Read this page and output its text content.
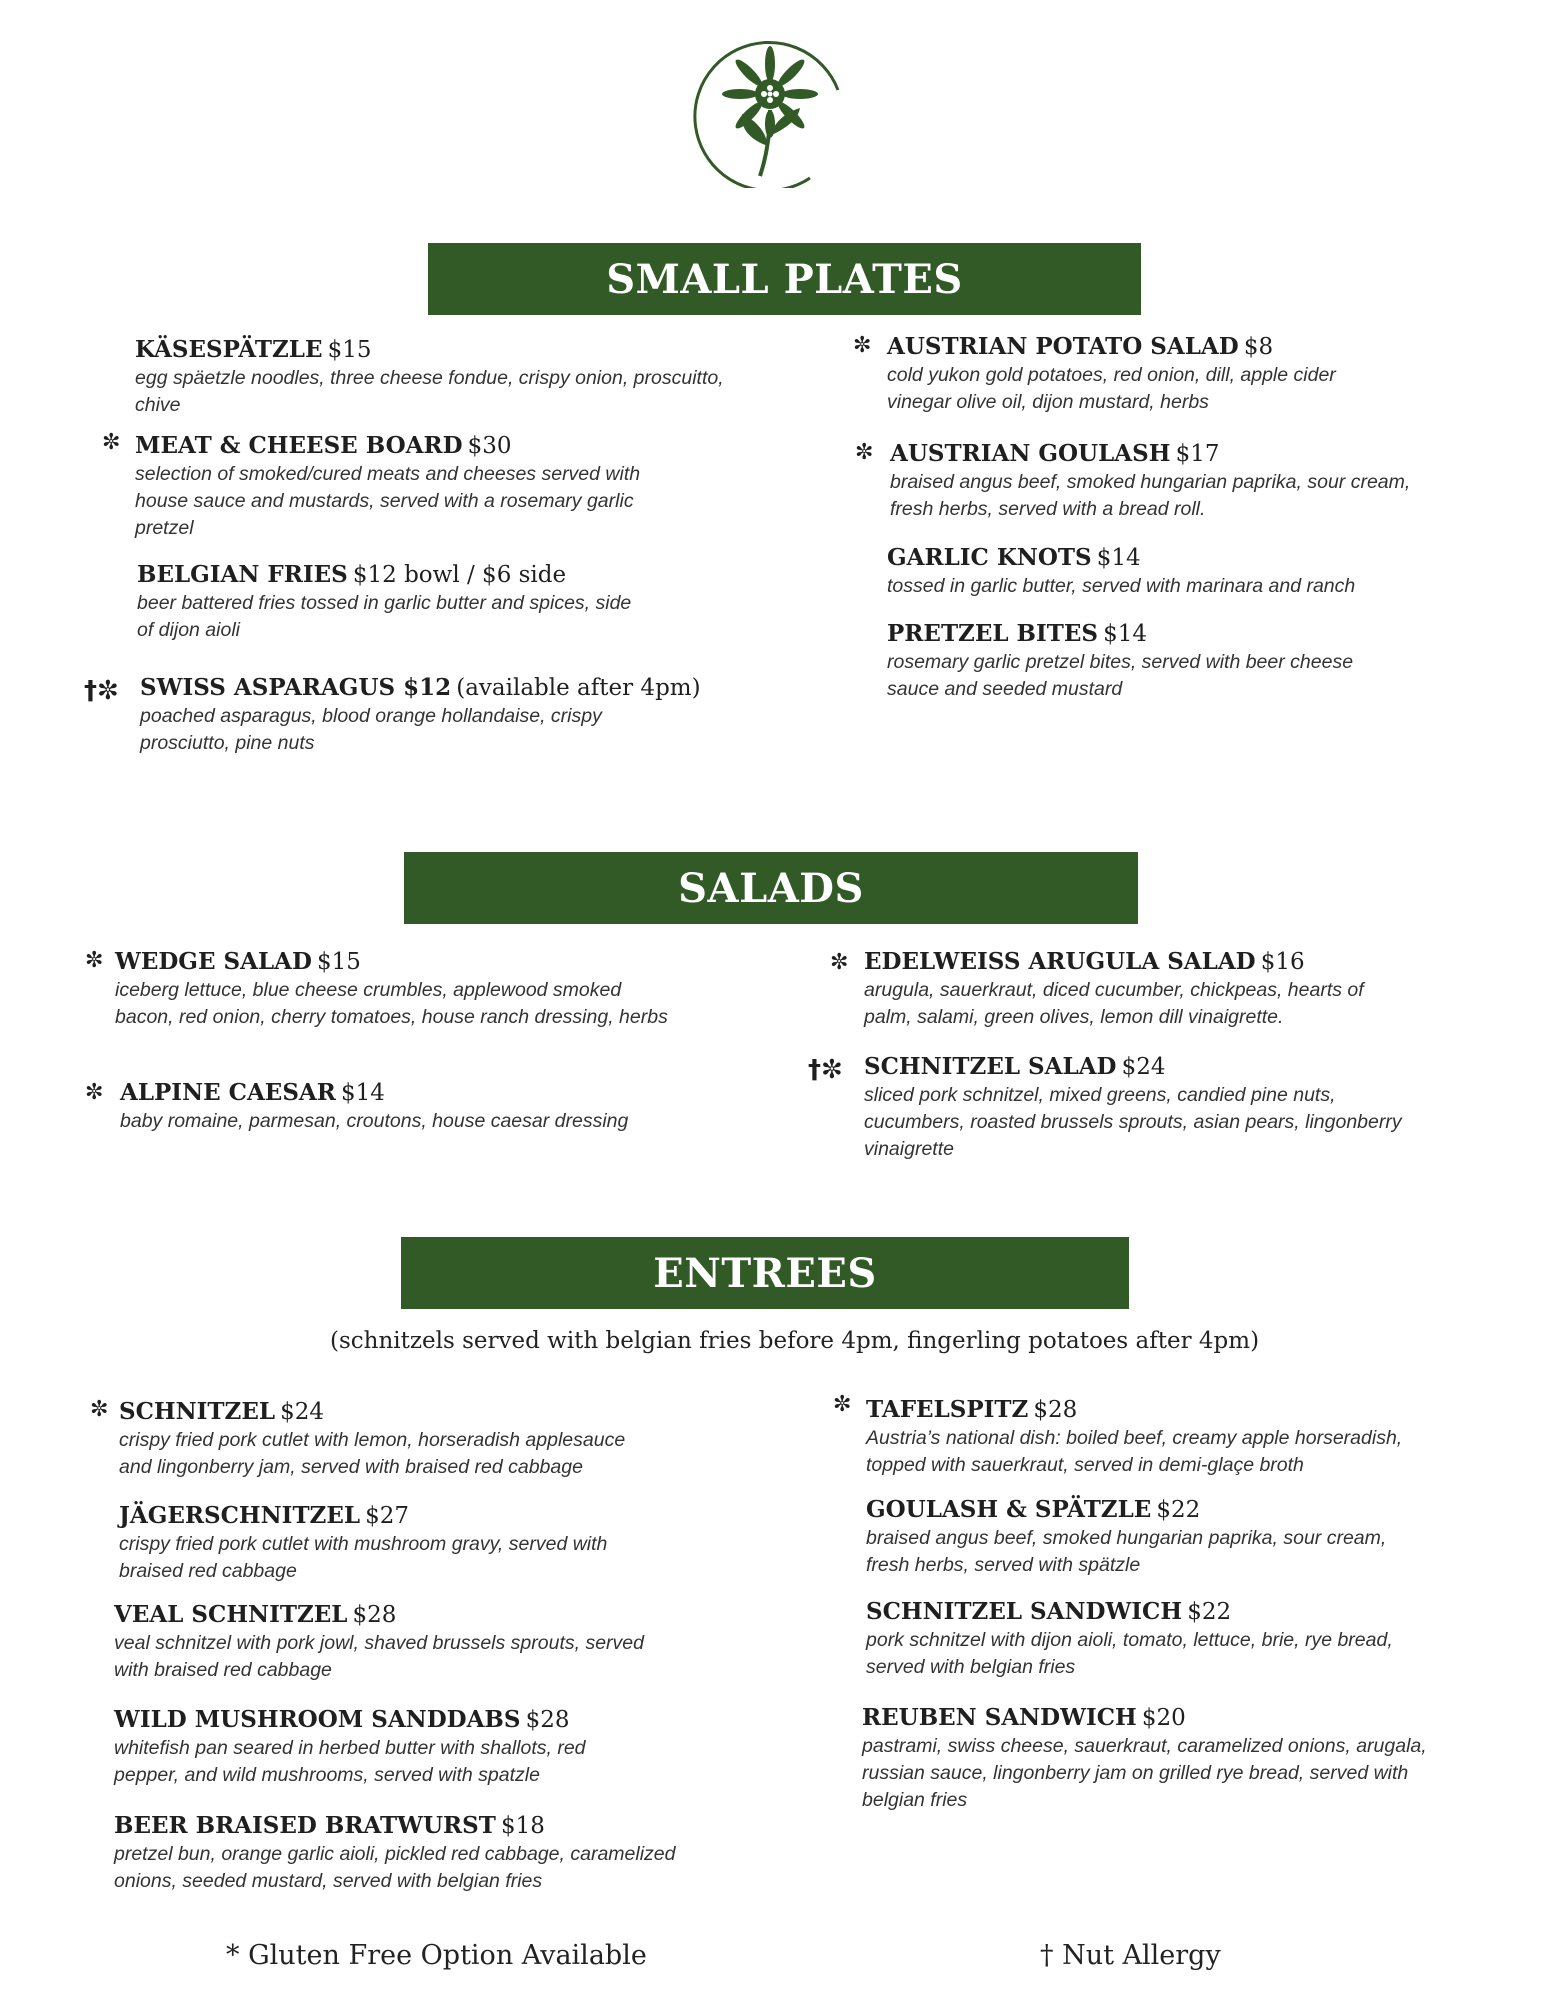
SMALL PLATES
KÄSESPÄTZLE $15
egg späetzle noodles, three cheese fondue, crispy onion, proscuitto, chive
✼ MEAT & CHEESE BOARD $30
selection of smoked/cured meats and cheeses served with house sauce and mustards, served with a rosemary garlic pretzel
BELGIAN FRIES $12 bowl / $6 side
beer battered fries tossed in garlic butter and spices, side of dijon aioli
†✼ SWISS ASPARAGUS $12 (available after 4pm)
poached asparagus, blood orange hollandaise, crispy prosciutto, pine nuts
✼ AUSTRIAN POTATO SALAD $8
cold yukon gold potatoes, red onion, dill, apple cider vinegar olive oil, dijon mustard, herbs
✼ AUSTRIAN GOULASH $17
braised angus beef, smoked hungarian paprika, sour cream, fresh herbs, served with a bread roll.
GARLIC KNOTS $14
tossed in garlic butter, served with marinara and ranch
PRETZEL BITES $14
rosemary garlic pretzel bites, served with beer cheese sauce and seeded mustard
SALADS
✼ WEDGE SALAD $15
iceberg lettuce, blue cheese crumbles, applewood smoked bacon, red onion, cherry tomatoes, house ranch dressing, herbs
✼ ALPINE CAESAR $14
baby romaine, parmesan, croutons, house caesar dressing
✼ EDELWEISS ARUGULA SALAD $16
arugula, sauerkraut, diced cucumber, chickpeas, hearts of palm, salami, green olives, lemon dill vinaigrette.
†✼ SCHNITZEL SALAD $24
sliced pork schnitzel, mixed greens, candied pine nuts, cucumbers, roasted brussels sprouts, asian pears, lingonberry vinaigrette
ENTREES
(schnitzels served with belgian fries before 4pm, fingerling potatoes after 4pm)
✼ SCHNITZEL $24
crispy fried pork cutlet with lemon, horseradish applesauce and lingonberry jam, served with braised red cabbage
JÄGERSCHNITZEL $27
crispy fried pork cutlet with mushroom gravy, served with braised red cabbage
VEAL SCHNITZEL $28
veal schnitzel with pork jowl, shaved brussels sprouts, served with braised red cabbage
WILD MUSHROOM SANDDABS $28
whitefish pan seared in herbed butter with shallots, red pepper, and wild mushrooms, served with spatzle
BEER BRAISED BRATWURST $18
pretzel bun, orange garlic aioli, pickled red cabbage, caramelized onions, seeded mustard, served with belgian fries
✼ TAFELSPITZ $28
Austria’s national dish: boiled beef, creamy apple horseradish, topped with sauerkraut, served in demi-glaçe broth
GOULASH & SPÄTZLE $22
braised angus beef, smoked hungarian paprika, sour cream, fresh herbs, served with spätzle
SCHNITZEL SANDWICH $22
pork schnitzel with dijon aioli, tomato, lettuce, brie, rye bread, served with belgian fries
REUBEN SANDWICH $20
pastrami, swiss cheese, sauerkraut, caramelized onions, arugala, russian sauce, lingonberry jam on grilled rye bread, served with belgian fries
* Gluten Free Option Available	† Nut Allergy
